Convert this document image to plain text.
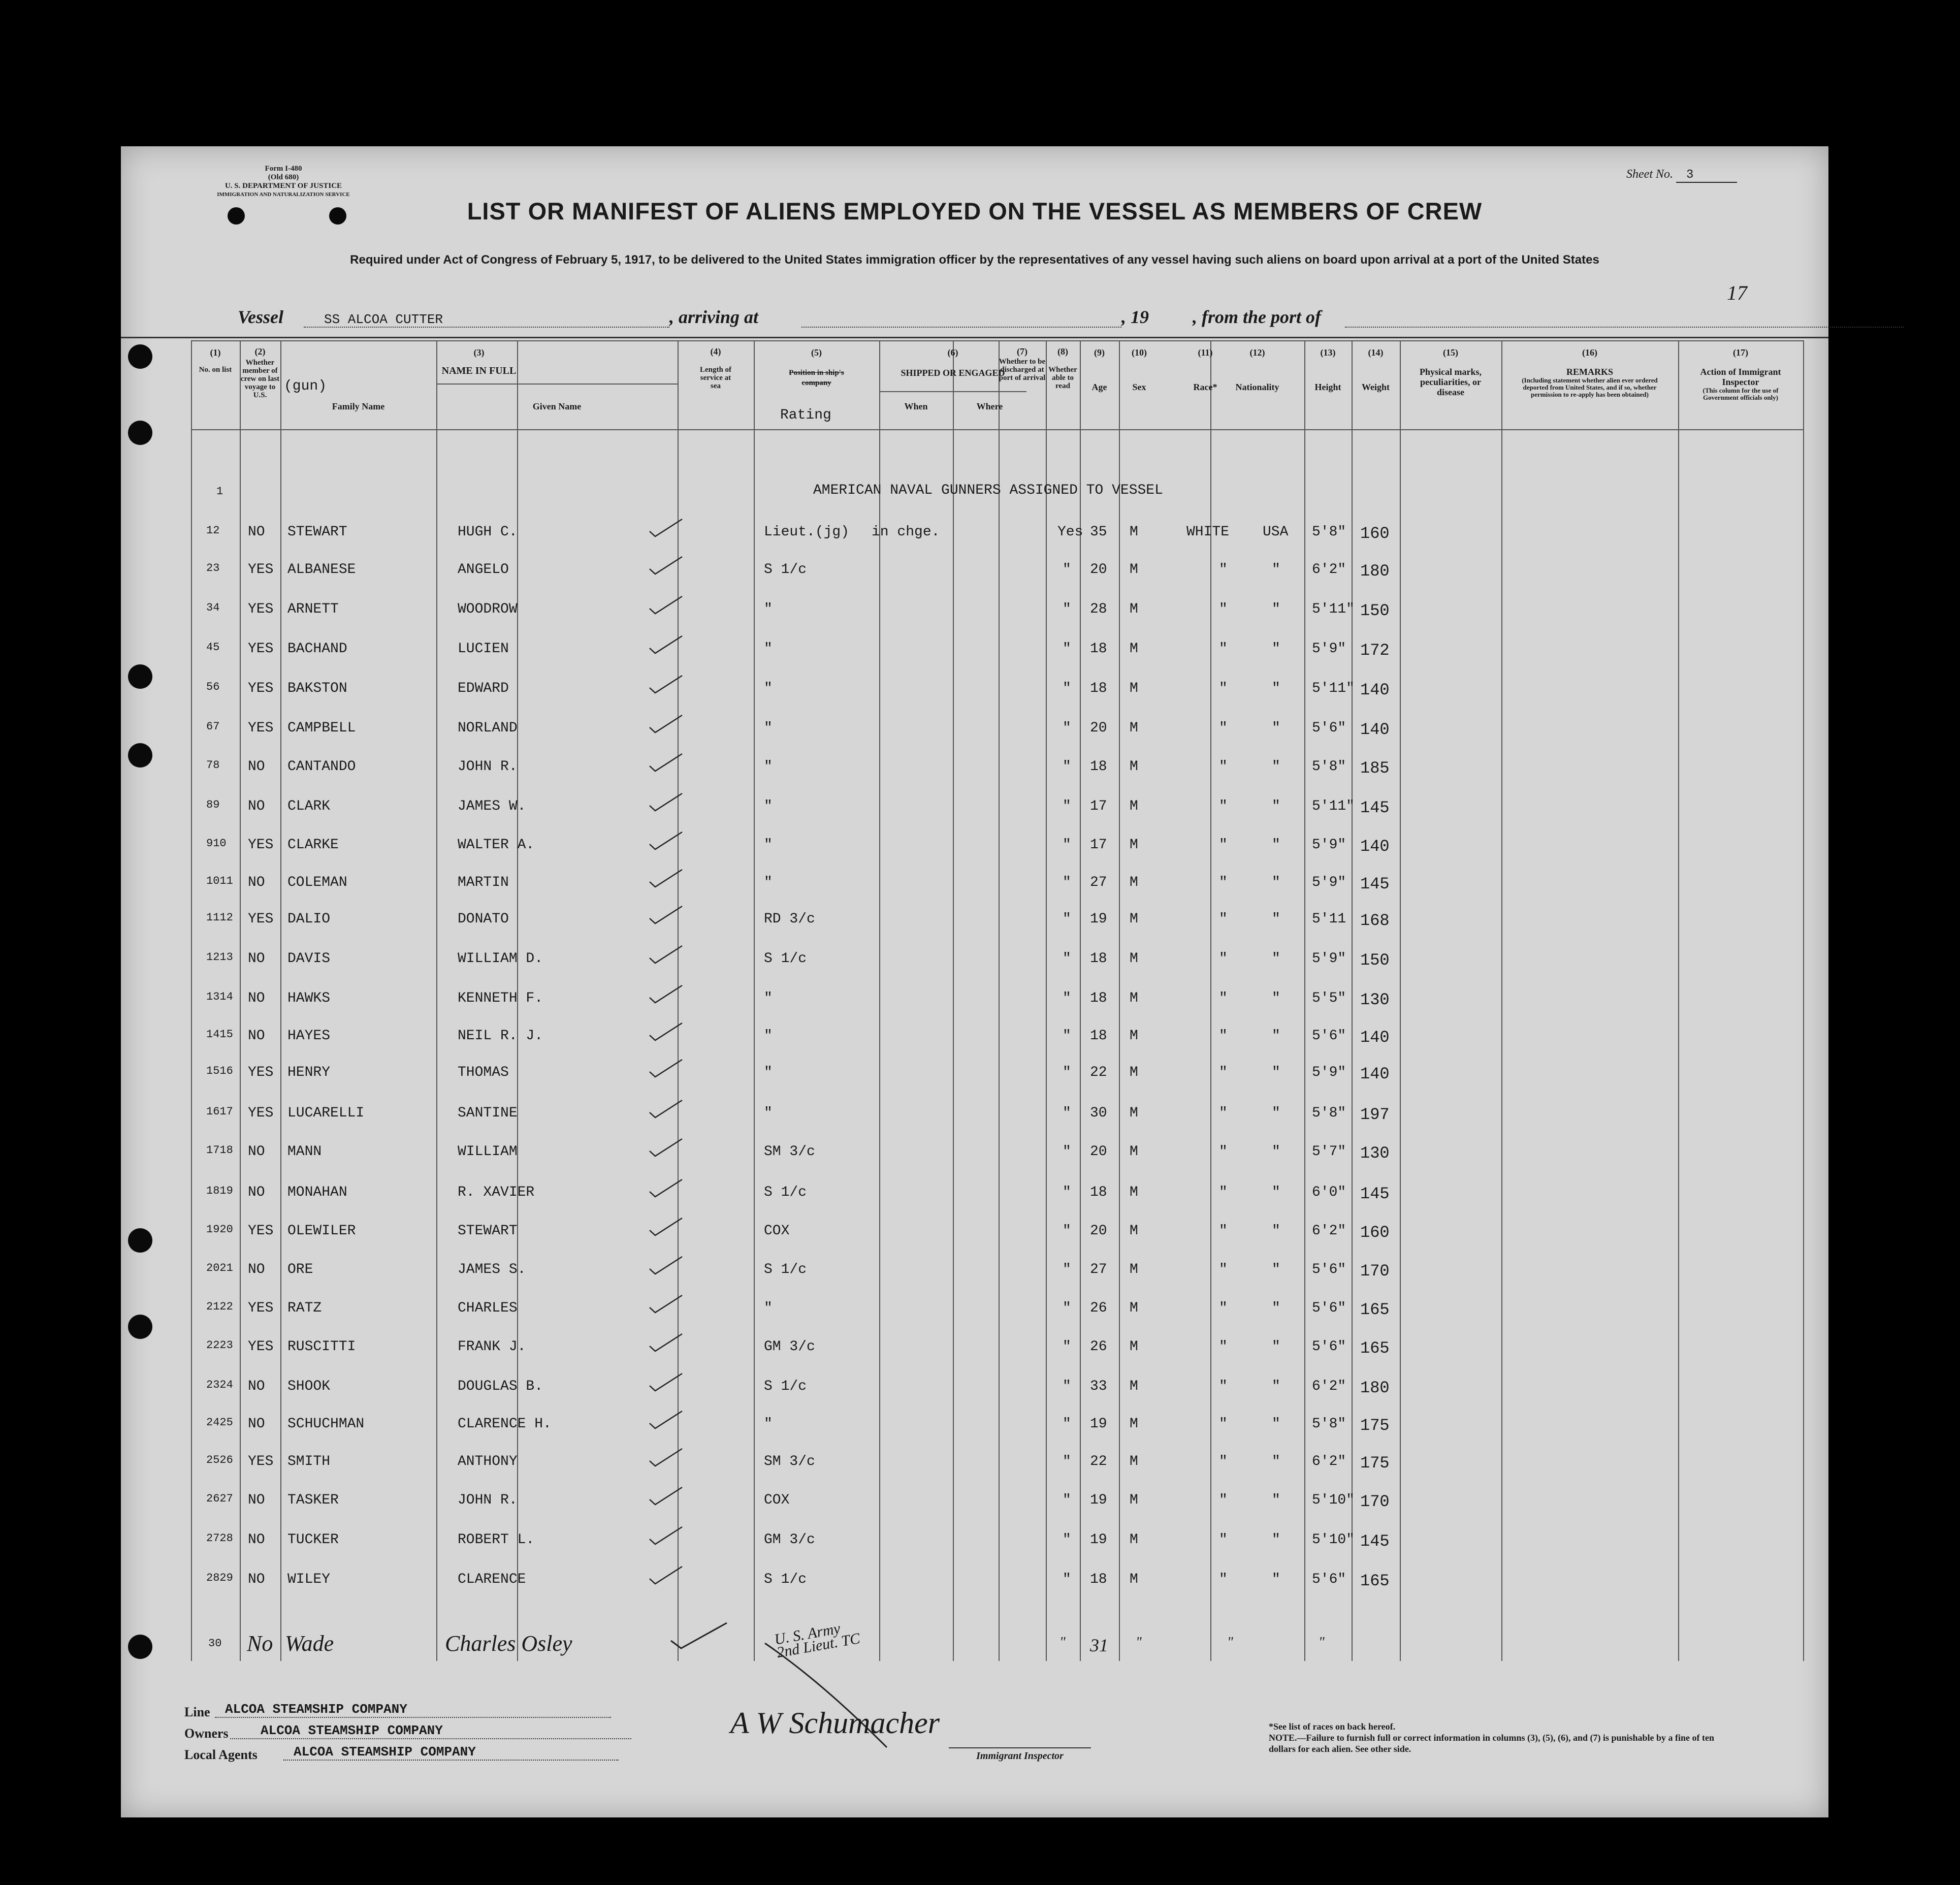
Form I-480
(Old 680)
U. S. DEPARTMENT OF JUSTICE
IMMIGRATION AND NATURALIZATION SERVICE
Sheet No. 3
LIST OR MANIFEST OF ALIENS EMPLOYED ON THE VESSEL AS MEMBERS OF CREW
Required under Act of Congress of February 5, 1917, to be delivered to the United States immigration officer by the representatives of any vessel having such aliens on board upon arrival at a port of the United States
17
Vessel	SS ALCOA CUTTER	, arriving at	, 19	, from the port of
(1)
No. on list
(2)
Whether member of crew on last voyage to U.S.
(3)
NAME IN FULL
(gun)
Family Name	Given Name
(4)
Length of service at sea
(5)
Position in ship's company
Rating
(6)
SHIPPED OR ENGAGED
When	Where
(7)
Whether to be discharged at port of arrival
(8)
Whether able to read
(9)
Age
(10)
Sex
(11)
Race*
(12)
Nationality
(13)
Height
(14)
Weight
(15)
Physical marks, peculiarities, or disease
(16)
REMARKS
(Including statement whether alien ever ordered deported from United States, and if so, whether permission to re-apply has been obtained)
(17)
Action of Immigrant Inspector
(This column for the use of Government officials only)
AMERICAN NAVAL GUNNERS ASSIGNED TO VESSEL
1
12 NO STEWART	HUGH C.	Lieut.(jg) in chge.	Yes 35 M	WHITE USA 5'8" 160
23 YES ALBANESE	ANGELO	S 1/c	" 20 M	"	" 6'2" 180
34 YES ARNETT	WOODROW	"	" 28 M	"	" 5'11" 150
45 YES BACHAND	LUCIEN	"	" 18 M	"	" 5'9" 172
56 YES BAKSTON	EDWARD	"	" 18 M	"	" 5'11" 140
67 YES CAMPBELL	NORLAND	"	" 20 M	"	" 5'6" 140
78 NO CANTANDO	JOHN R.	"	" 18 M	"	" 5'8" 185
89 NO CLARK	JAMES W.	"	" 17 M	"	" 5'11" 145
910 YES CLARKE	WALTER A.	"	" 17 M	"	" 5'9" 140
1011 NO COLEMAN	MARTIN	"	" 27 M	"	" 5'9" 145
1112 YES DALIO	DONATO	RD 3/c	" 19 M	"	" 5'11 168
1213 NO DAVIS	WILLIAM D.	S 1/c	" 18 M	"	" 5'9" 150
1314 NO HAWKS	KENNETH F.	"	" 18 M	"	" 5'5" 130
1415 NO HAYES	NEIL R. J.	"	" 18 M	"	" 5'6" 140
1516 YES HENRY	THOMAS	"	" 22 M	"	" 5'9" 140
1617 YES LUCARELLI	SANTINE	"	" 30 M	"	" 5'8" 197
1718 NO MANN	WILLIAM	SM 3/c	" 20 M	"	" 5'7" 130
1819 NO MONAHAN	R. XAVIER	S 1/c	" 18 M	"	" 6'0" 145
1920 YES OLEWILER	STEWART	COX	" 20 M	"	" 6'2" 160
2021 NO ORE	JAMES S.	S 1/c	" 27 M	"	" 5'6" 170
2122 YES RATZ	CHARLES	"	" 26 M	"	" 5'6" 165
2223 YES RUSCITTI	FRANK J.	GM 3/c	" 26 M	"	" 5'6" 165
2324 NO SHOOK	DOUGLAS B.	S 1/c	" 33 M	"	" 6'2" 180
2425 NO SCHUCHMAN	CLARENCE H.	"	" 19 M	"	" 5'8" 175
2526 YES SMITH	ANTHONY	SM 3/c	" 22 M	"	" 6'2" 175
2627 NO TASKER	JOHN R.	COX	" 19 M	"	" 5'10" 170
2728 NO TUCKER	ROBERT L.	GM 3/c	" 19 M	"	" 5'10" 145
2829 NO WILEY	CLARENCE	S 1/c	" 18 M	"	" 5'6" 165
30 No Wade	Charles Osley	U. S. Army 2nd Lieut. TC	" 31 "	"	"
Line	ALCOA STEAMSHIP COMPANY
Owners	ALCOA STEAMSHIP COMPANY
Local Agents	ALCOA STEAMSHIP COMPANY
A W Schumacher
Immigrant Inspector
*See list of races on back hereof.
NOTE.—Failure to furnish full or correct information in columns (3), (5), (6), and (7) is punishable by a fine of ten dollars for each alien. See other side.
